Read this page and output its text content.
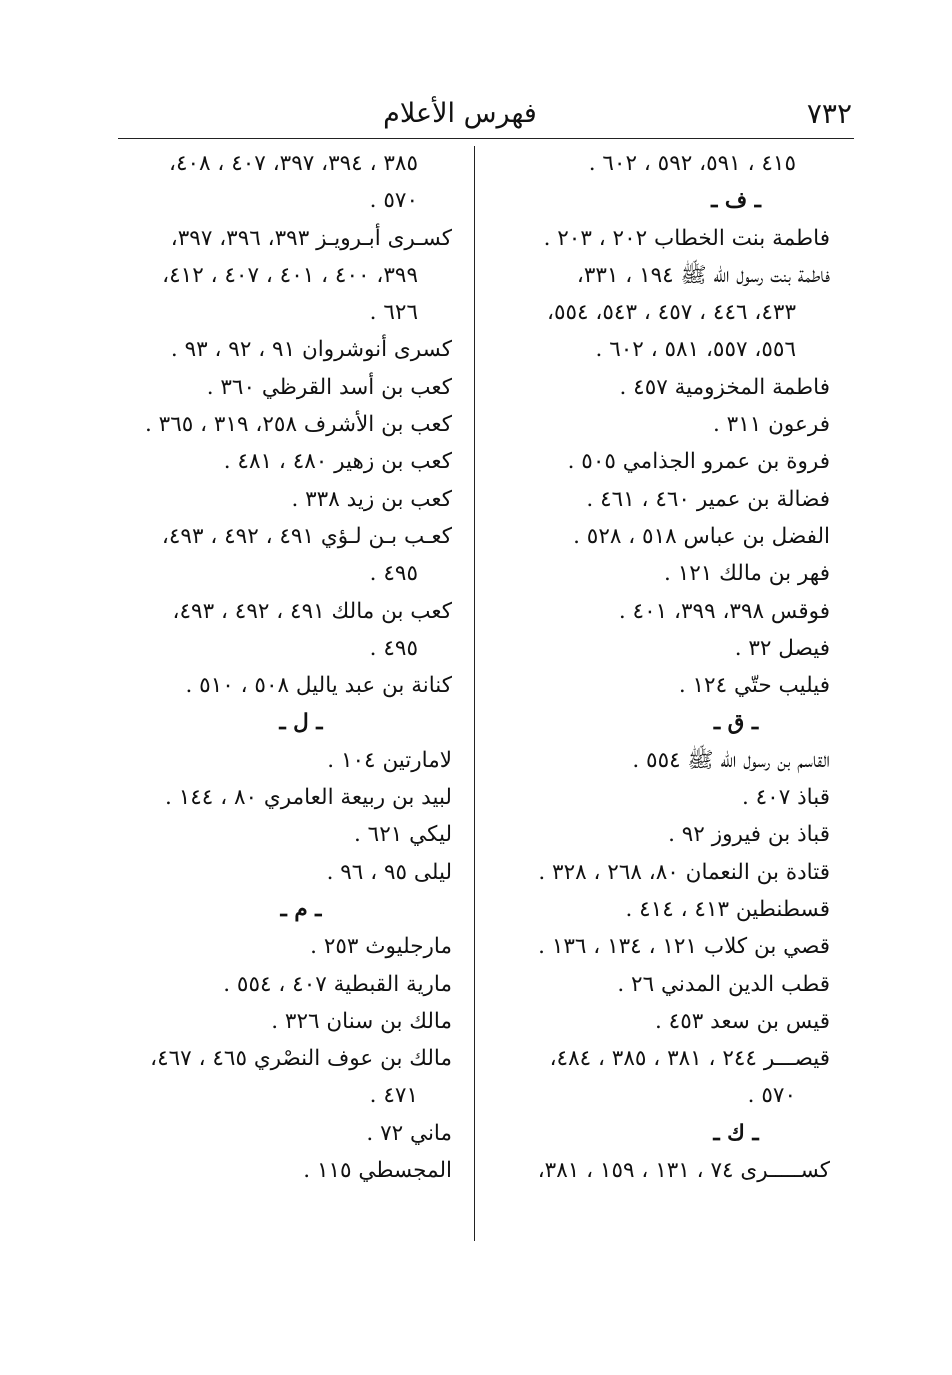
٧٣٢
فهرس الأعلام
٤١٥ ، ٥٩١، ٥٩٢ ، ٦٠٢ .
ـ ف ـ
فاطمة بنت الخطاب ٢٠٢ ، ٢٠٣ .
فاطمة بنت رسول الله ﷺ ١٩٤ ، ٣٣١،
٤٣٣، ٤٤٦ ، ٤٥٧ ، ٥٤٣، ٥٥٤،
٥٥٦، ٥٥٧، ٥٨١ ، ٦٠٢ .
فاطمة المخزومية ٤٥٧ .
فرعون ٣١١ .
فروة بن عمرو الجذامي ٥٠٥ .
فضالة بن عمير ٤٦٠ ، ٤٦١ .
الفضل بن عباس ٥١٨ ، ٥٢٨ .
فهر بن مالك ١٢١ .
فوقس ٣٩٨، ٣٩٩، ٤٠١ .
فيصل ٣٢ .
فيليب حتّي ١٢٤ .
ـ ق ـ
القاسم بن رسول الله ﷺ ٥٥٤ .
قباذ ٤٠٧ .
قباذ بن فيروز ٩٢ .
قتادة بن النعمان ٨٠، ٢٦٨ ، ٣٢٨ .
قسطنطين ٤١٣ ، ٤١٤ .
قصي بن كلاب ١٢١ ، ١٣٤ ، ١٣٦ .
قطب الدين المدني ٢٦ .
قيس بن سعد ٤٥٣ .
قيصـــر ٢٤٤ ، ٣٨١ ، ٣٨٥ ، ٤٨٤،
٥٧٠ .
ـ ك ـ
كســـــرى ٧٤ ، ١٣١ ، ١٥٩ ، ٣٨١،
٣٨٥ ، ٣٩٤، ٣٩٧، ٤٠٧ ، ٤٠٨،
٥٧٠ .
كسـرى أبـرويـز ٣٩٣، ٣٩٦، ٣٩٧،
٣٩٩، ٤٠٠ ، ٤٠١ ، ٤٠٧ ، ٤١٢،
٦٢٦ .
كسرى أنوشروان ٩١ ، ٩٢ ، ٩٣ .
كعب بن أسد القرظي ٣٦٠ .
كعب بن الأشرف ٢٥٨، ٣١٩ ، ٣٦٥ .
كعب بن زهير ٤٨٠ ، ٤٨١ .
كعب بن زيد ٣٣٨ .
كعـب بـن لـؤي ٤٩١ ، ٤٩٢ ، ٤٩٣،
٤٩٥ .
كعب بن مالك ٤٩١ ، ٤٩٢ ، ٤٩٣،
٤٩٥ .
كنانة بن عبد ياليل ٥٠٨ ، ٥١٠ .
ـ ل ـ
لامارتين ١٠٤ .
لبيد بن ربيعة العامري ٨٠ ، ١٤٤ .
ليكي ٦٢١ .
ليلى ٩٥ ، ٩٦ .
ـ م ـ
مارجليوث ٢٥٣ .
مارية القبطية ٤٠٧ ، ٥٥٤ .
مالك بن سنان ٣٢٦ .
مالك بن عوف النصْري ٤٦٥ ، ٤٦٧،
٤٧١ .
ماني ٧٢ .
المجسطي ١١٥ .
